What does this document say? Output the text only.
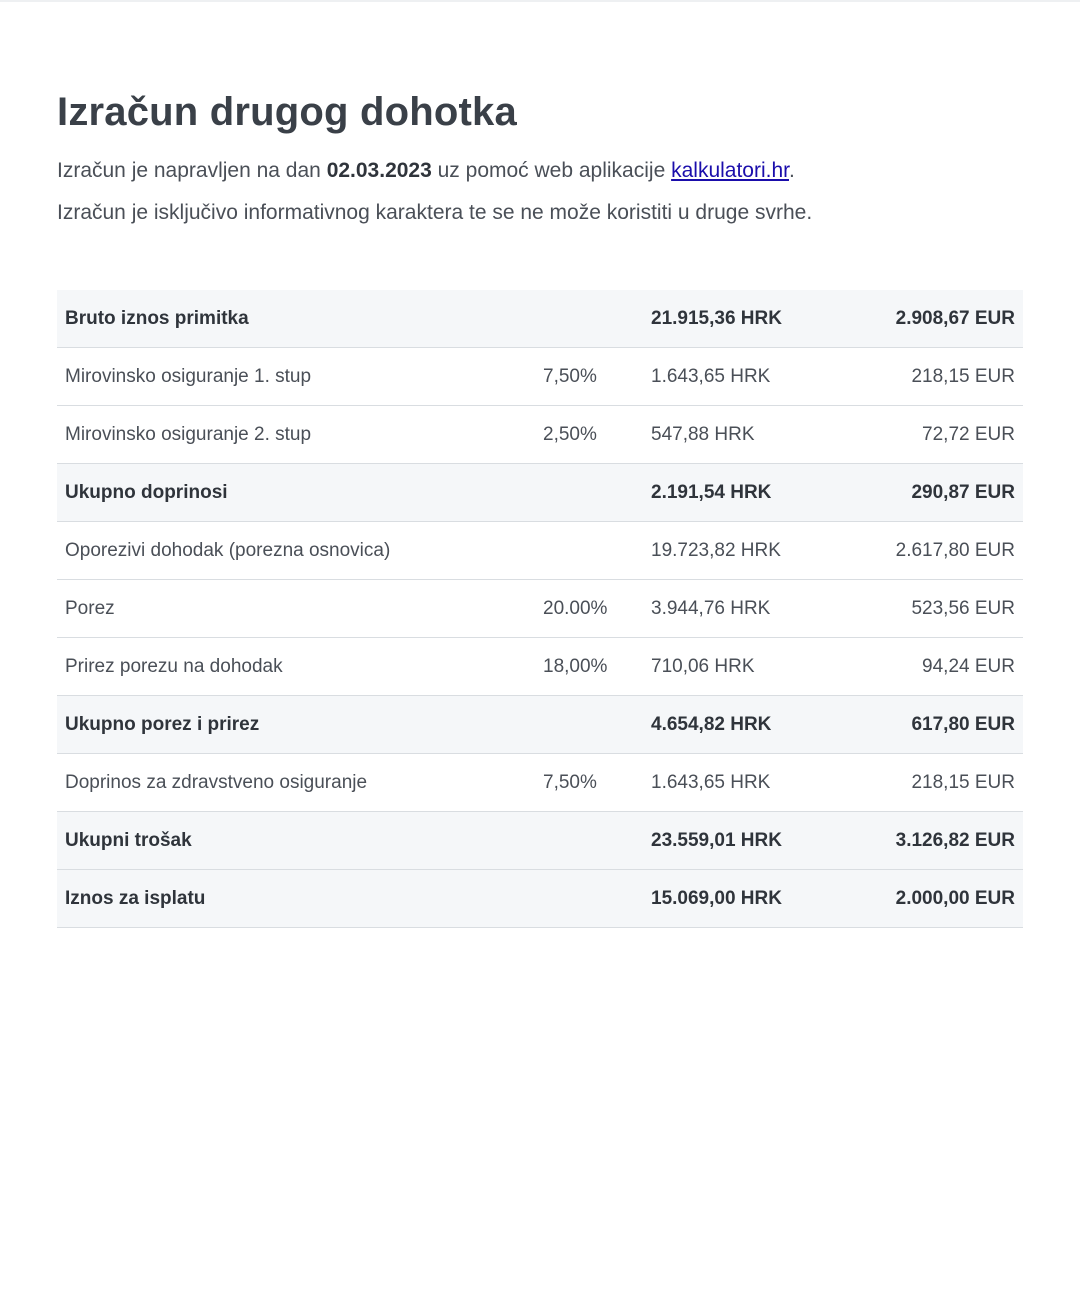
Izračun drugog dohotka
Izračun je napravljen na dan 02.03.2023 uz pomoć web aplikacije kalkulatori.hr.
Izračun je isključivo informativnog karaktera te se ne može koristiti u druge svrhe.
Bruto iznos primitka		21.915,36 HRK	2.908,67 EUR
Mirovinsko osiguranje 1. stup	7,50%	1.643,65 HRK	218,15 EUR
Mirovinsko osiguranje 2. stup	2,50%	547,88 HRK	72,72 EUR
Ukupno doprinosi		2.191,54 HRK	290,87 EUR
Oporezivi dohodak (porezna osnovica)		19.723,82 HRK	2.617,80 EUR
Porez	20.00%	3.944,76 HRK	523,56 EUR
Prirez porezu na dohodak	18,00%	710,06 HRK	94,24 EUR
Ukupno porez i prirez		4.654,82 HRK	617,80 EUR
Doprinos za zdravstveno osiguranje	7,50%	1.643,65 HRK	218,15 EUR
Ukupni trošak		23.559,01 HRK	3.126,82 EUR
Iznos za isplatu		15.069,00 HRK	2.000,00 EUR
